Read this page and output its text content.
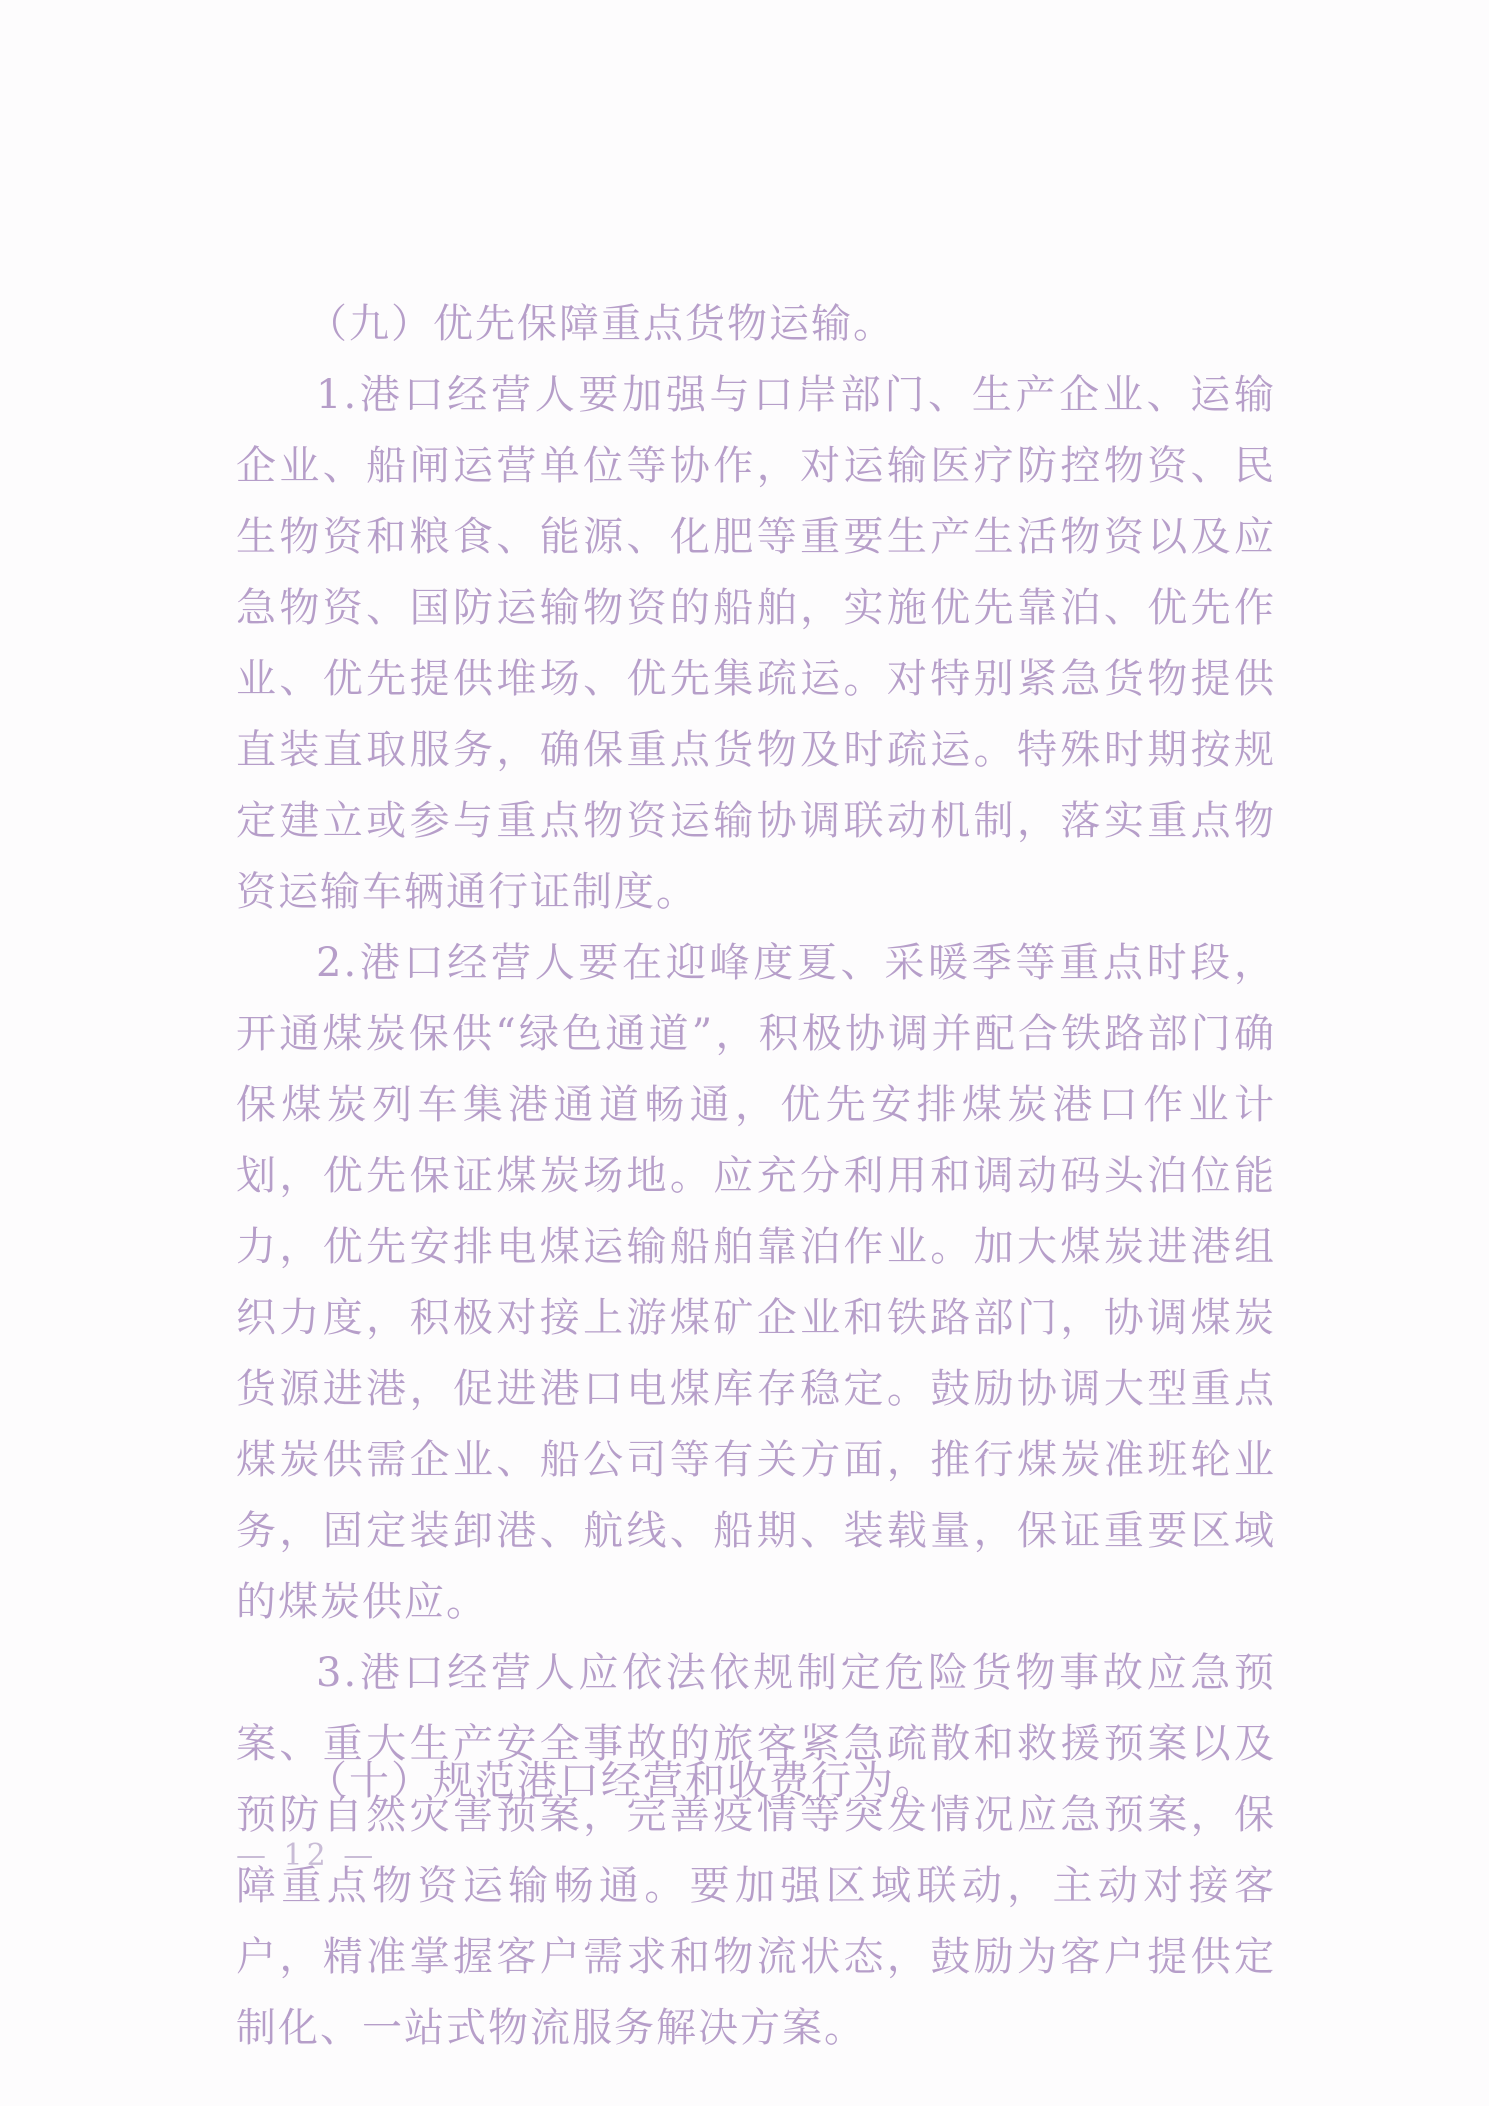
（九）优先保障重点货物运输。

1.港口经营人要加强与口岸部门、生产企业、运输企业、船闸运营单位等协作，对运输医疗防控物资、民生物资和粮食、能源、化肥等重要生产生活物资以及应急物资、国防运输物资的船舶，实施优先靠泊、优先作业、优先提供堆场、优先集疏运。对特别紧急货物提供直装直取服务，确保重点货物及时疏运。特殊时期按规定建立或参与重点物资运输协调联动机制，落实重点物资运输车辆通行证制度。

2.港口经营人要在迎峰度夏、采暖季等重点时段，开通煤炭保供“绿色通道”，积极协调并配合铁路部门确保煤炭列车集港通道畅通，优先安排煤炭港口作业计划，优先保证煤炭场地。应充分利用和调动码头泊位能力，优先安排电煤运输船舶靠泊作业。加大煤炭进港组织力度，积极对接上游煤矿企业和铁路部门，协调煤炭货源进港，促进港口电煤库存稳定。鼓励协调大型重点煤炭供需企业、船公司等有关方面，推行煤炭准班轮业务，固定装卸港、航线、船期、装载量，保证重要区域的煤炭供应。

3.港口经营人应依法依规制定危险货物事故应急预案、重大生产安全事故的旅客紧急疏散和救援预案以及预防自然灾害预案，完善疫情等突发情况应急预案，保障重点物资运输畅通。要加强区域联动，主动对接客户，精准掌握客户需求和物流状态，鼓励为客户提供定制化、一站式物流服务解决方案。

（十）规范港口经营和收费行为。
— 12 —
